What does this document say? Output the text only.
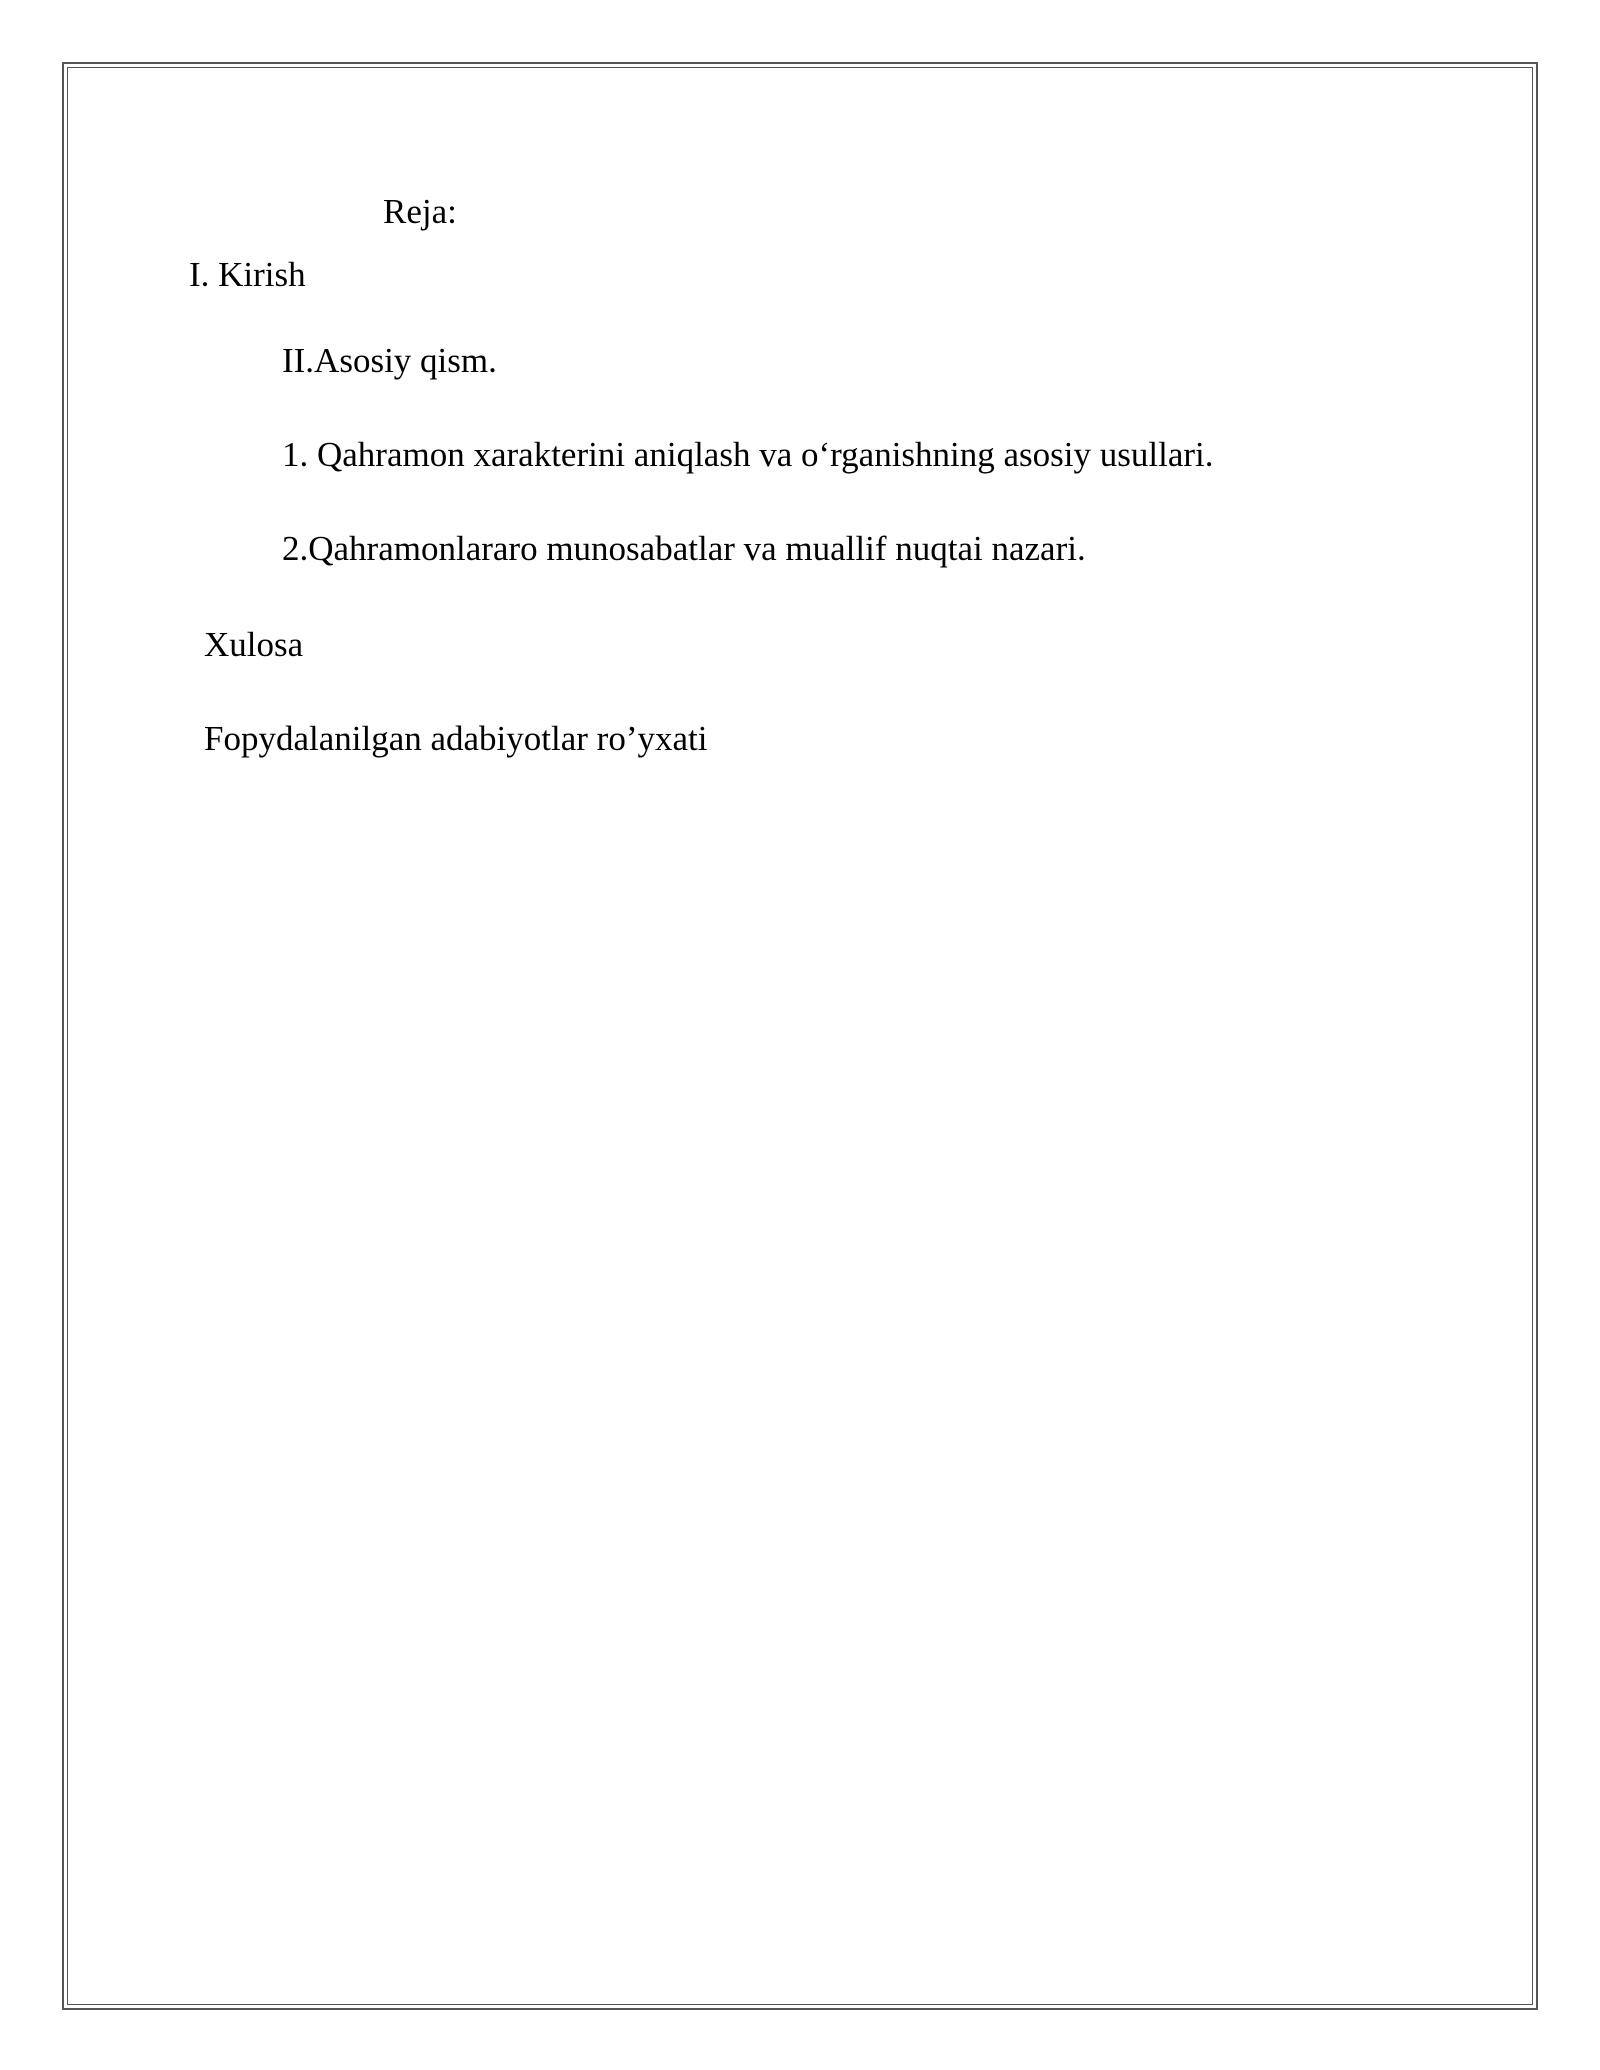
Reja:
I. Kirish
II.Asosiy qism.
1. Qahramon xarakterini aniqlash va o‘rganishning asosiy usullari.
2.Qahramonlararo munosabatlar va muallif nuqtai nazari.
Xulosa
Fopydalanilgan adabiyotlar ro’yxati
